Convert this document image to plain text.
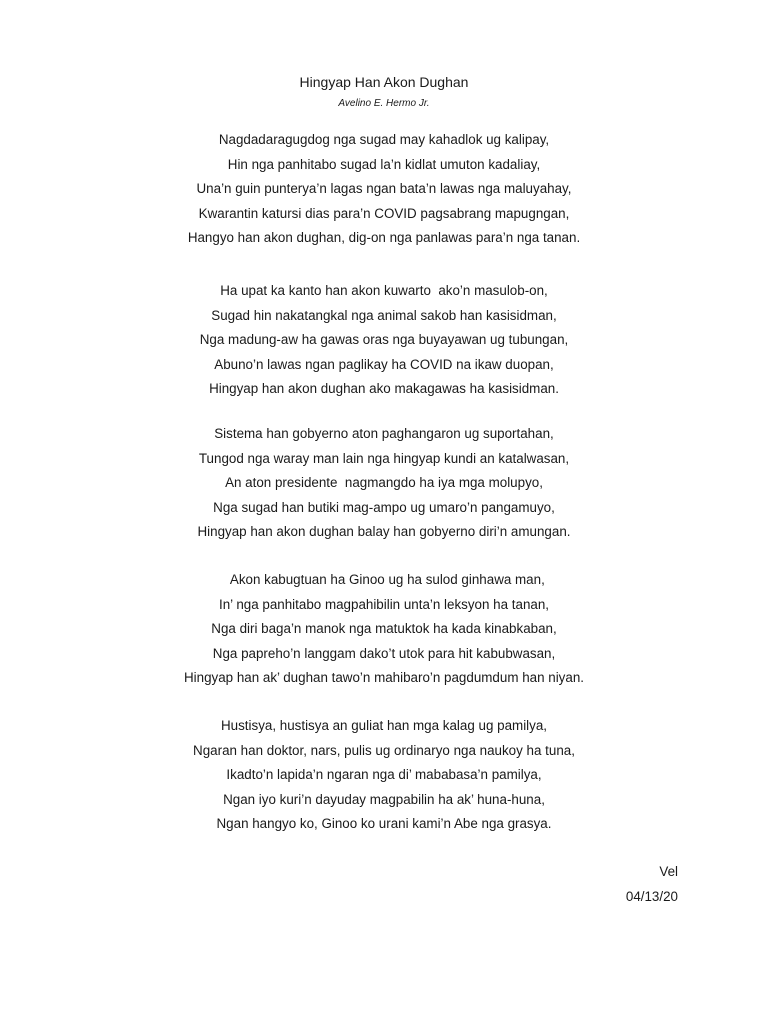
Hingyap Han Akon Dughan
Avelino E. Hermo Jr.
Nagdadaragugdog nga sugad may kahadlok ug kalipay,
Hin nga panhitabo sugad la’n kidlat umuton kadaliay,
Una’n guin punterya’n lagas ngan bata’n lawas nga maluyahay,
Kwarantin katursi dias para’n COVID pagsabrang mapugngan,
Hangyo han akon dughan, dig-on nga panlawas para’n nga tanan.
Ha upat ka kanto han akon kuwarto  ako’n masulob-on,
Sugad hin nakatangkal nga animal sakob han kasisidman,
Nga madung-aw ha gawas oras nga buyayawan ug tubungan,
Abuno’n lawas ngan paglikay ha COVID na ikaw duopan,
Hingyap han akon dughan ako makagawas ha kasisidman.
Sistema han gobyerno aton paghangaron ug suportahan,
Tungod nga waray man lain nga hingyap kundi an katalwasan,
An aton presidente  nagmangdo ha iya mga molupyo,
Nga sugad han butiki mag-ampo ug umaro’n pangamuyo,
Hingyap han akon dughan balay han gobyerno diri’n amungan.
Akon kabugtuan ha Ginoo ug ha sulod ginhawa man,
In’ nga panhitabo magpahibilin unta’n leksyon ha tanan,
Nga diri baga’n manok nga matuktok ha kada kinabkaban,
Nga papreho’n langgam dako’t utok para hit kabubwasan,
Hingyap han ak’ dughan tawo’n mahibaro’n pagdumdum han niyan.
Hustisya, hustisya an guliat han mga kalag ug pamilya,
Ngaran han doktor, nars, pulis ug ordinaryo nga naukoy ha tuna,
Ikadto’n lapida’n ngaran nga di’ mababasa’n pamilya,
Ngan iyo kuri’n dayuday magpabilin ha ak’ huna-huna,
Ngan hangyo ko, Ginoo ko urani kami’n Abe nga grasya.
Vel
04/13/20
